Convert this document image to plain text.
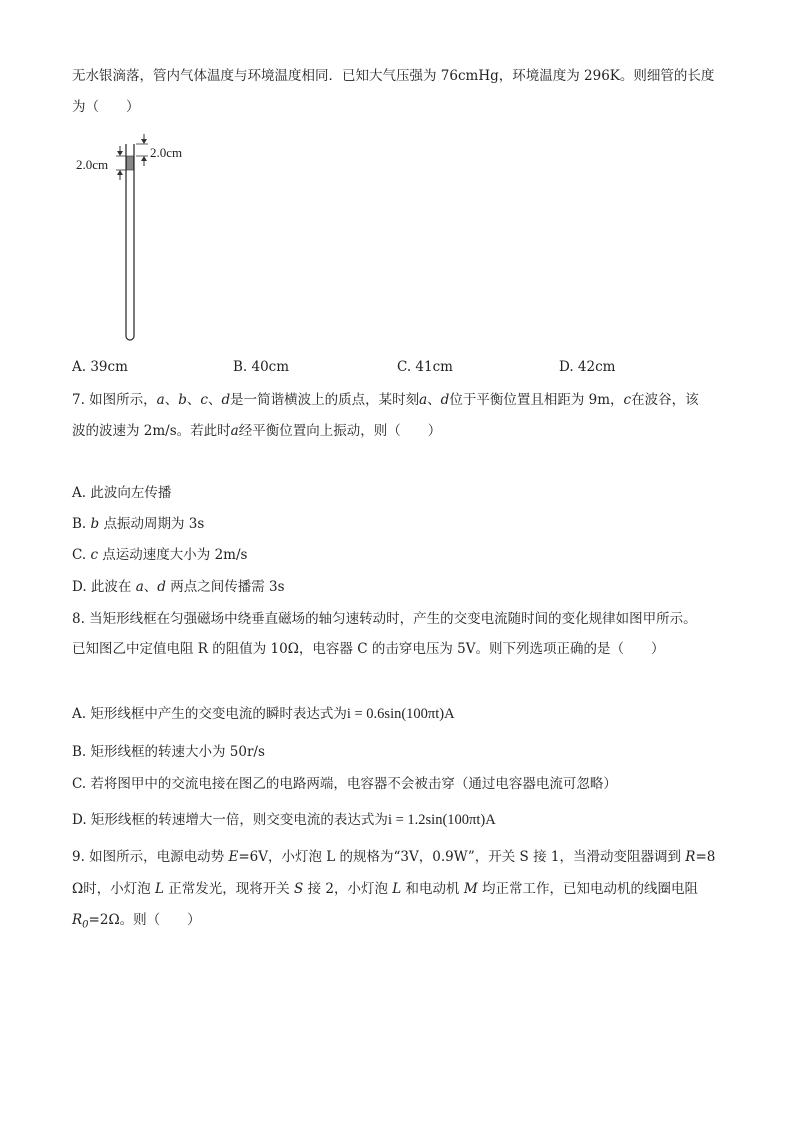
无水银滴落，管内气体温度与环境温度相同．已知大气压强为 76cmHg，环境温度为 296K。则细管的长度
为（　　）
2.0cm
2.0cm
A. 39cm	B. 40cm	C. 41cm	D. 42cm
7. 如图所示，a、b、c、d是一简谐横波上的质点，某时刻a、d位于平衡位置且相距为 9m，c在波谷，该
波的波速为 2m/s。若此时a经平衡位置向上振动，则（　　）
A. 此波向左传播
B. b 点振动周期为 3s
C. c 点运动速度大小为 2m/s
D. 此波在 a、d 两点之间传播需 3s
8. 当矩形线框在匀强磁场中绕垂直磁场的轴匀速转动时，产生的交变电流随时间的变化规律如图甲所示。
已知图乙中定值电阻 R 的阻值为 10Ω，电容器 C 的击穿电压为 5V。则下列选项正确的是（　　）
A. 矩形线框中产生的交变电流的瞬时表达式为i = 0.6sin(100πt)A
B. 矩形线框的转速大小为 50r/s
C. 若将图甲中的交流电接在图乙的电路两端，电容器不会被击穿（通过电容器电流可忽略）
D. 矩形线框的转速增大一倍，则交变电流的表达式为i = 1.2sin(100πt)A
9. 如图所示，电源电动势 E=6V，小灯泡 L 的规格为“3V，0.9W”，开关 S 接 1，当滑动变阻器调到 R=8
Ω时，小灯泡 L 正常发光，现将开关 S 接 2，小灯泡 L 和电动机 M 均正常工作，已知电动机的线圈电阻
$R_0=2\Omega$。则（　　）
